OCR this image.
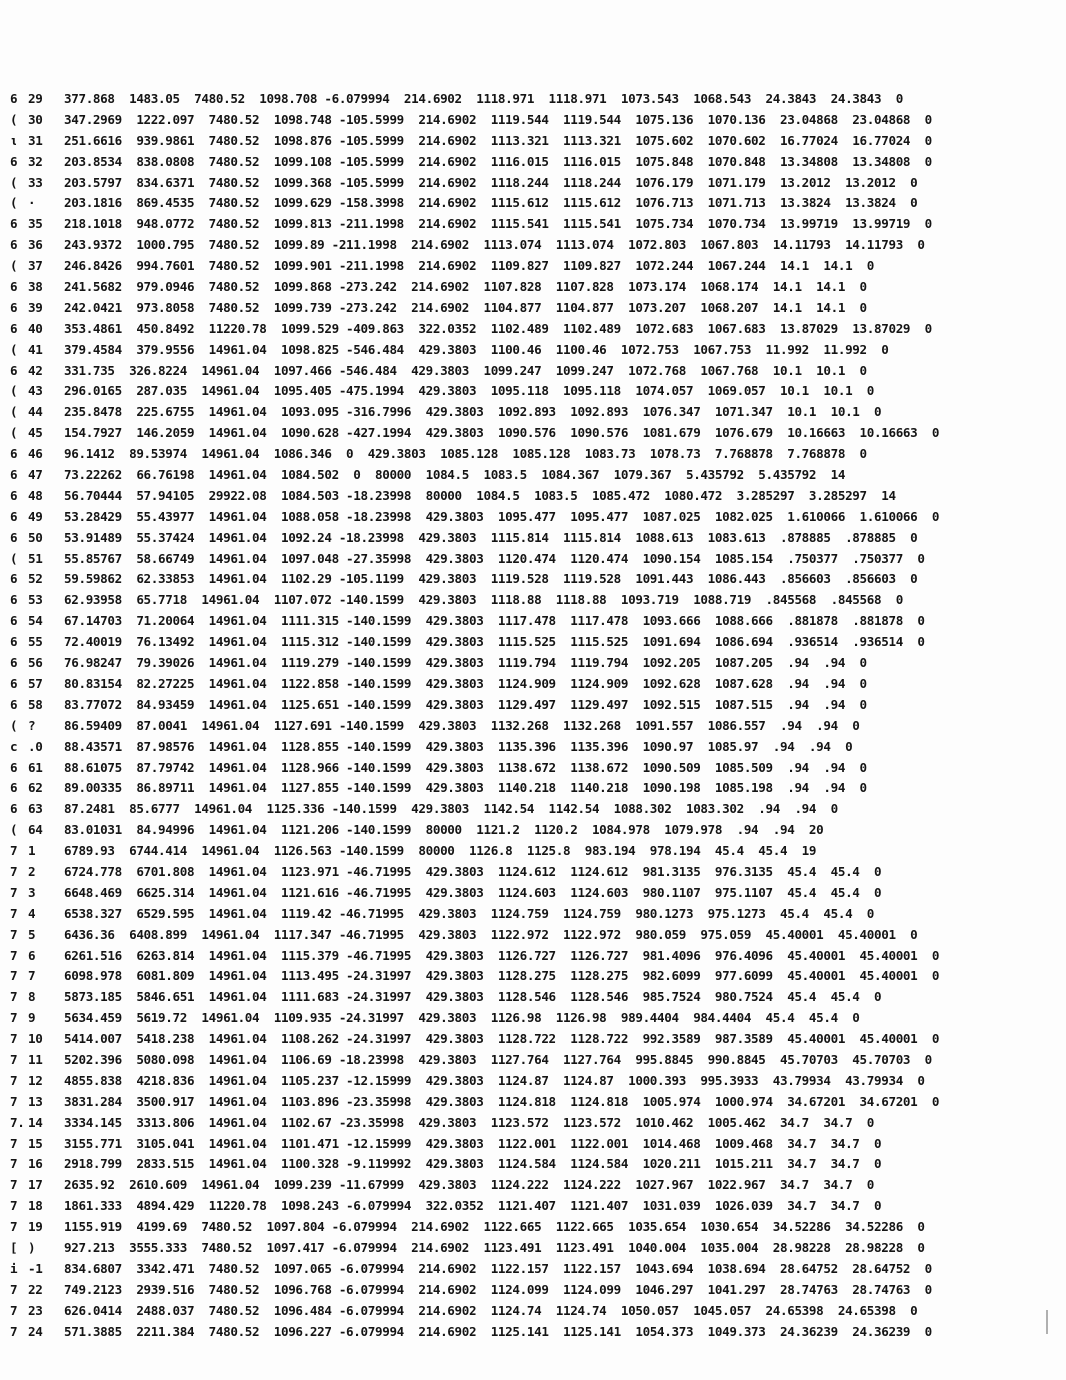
6 29 377.868  1483.05  7480.52  1098.708 -6.079994  214.6902  1118.971  1118.971  1073.543  1068.543  24.3843  24.3843  0
( 30 347.2969  1222.097  7480.52  1098.748 -105.5999  214.6902  1119.544  1119.544  1075.136  1070.136  23.04868  23.04868  0
ι 31 251.6616  939.9861  7480.52  1098.876 -105.5999  214.6902  1113.321  1113.321  1075.602  1070.602  16.77024  16.77024  0
6 32 203.8534  838.0808  7480.52  1099.108 -105.5999  214.6902  1116.015  1116.015  1075.848  1070.848  13.34808  13.34808  0
( 33 203.5797  834.6371  7480.52  1099.368 -105.5999  214.6902  1118.244  1118.244  1076.179  1071.179  13.2012  13.2012  0
( · 203.1816  869.4535  7480.52  1099.629 -158.3998  214.6902  1115.612  1115.612  1076.713  1071.713  13.3824  13.3824  0
6 35 218.1018  948.0772  7480.52  1099.813 -211.1998  214.6902  1115.541  1115.541  1075.734  1070.734  13.99719  13.99719  0
6 36 243.9372  1000.795  7480.52  1099.89 -211.1998  214.6902  1113.074  1113.074  1072.803  1067.803  14.11793  14.11793  0
( 37 246.8426  994.7601  7480.52  1099.901 -211.1998  214.6902  1109.827  1109.827  1072.244  1067.244  14.1  14.1  0
6 38 241.5682  979.0946  7480.52  1099.868 -273.242  214.6902  1107.828  1107.828  1073.174  1068.174  14.1  14.1  0
6 39 242.0421  973.8058  7480.52  1099.739 -273.242  214.6902  1104.877  1104.877  1073.207  1068.207  14.1  14.1  0
6 40 353.4861  450.8492  11220.78  1099.529 -409.863  322.0352  1102.489  1102.489  1072.683  1067.683  13.87029  13.87029  0
( 41 379.4584  379.9556  14961.04  1098.825 -546.484  429.3803  1100.46  1100.46  1072.753  1067.753  11.992  11.992  0
6 42 331.735  326.8224  14961.04  1097.466 -546.484  429.3803  1099.247  1099.247  1072.768  1067.768  10.1  10.1  0
( 43 296.0165  287.035  14961.04  1095.405 -475.1994  429.3803  1095.118  1095.118  1074.057  1069.057  10.1  10.1  0
( 44 235.8478  225.6755  14961.04  1093.095 -316.7996  429.3803  1092.893  1092.893  1076.347  1071.347  10.1  10.1  0
( 45 154.7927  146.2059  14961.04  1090.628 -427.1994  429.3803  1090.576  1090.576  1081.679  1076.679  10.16663  10.16663  0
6 46 96.1412  89.53974  14961.04  1086.346  0  429.3803  1085.128  1085.128  1083.73  1078.73  7.768878  7.768878  0
6 47 73.22262  66.76198  14961.04  1084.502  0  80000  1084.5  1083.5  1084.367  1079.367  5.435792  5.435792  14
6 48 56.70444  57.94105  29922.08  1084.503 -18.23998  80000  1084.5  1083.5  1085.472  1080.472  3.285297  3.285297  14
6 49 53.28429  55.43977  14961.04  1088.058 -18.23998  429.3803  1095.477  1095.477  1087.025  1082.025  1.610066  1.610066  0
6 50 53.91489  55.37424  14961.04  1092.24 -18.23998  429.3803  1115.814  1115.814  1088.613  1083.613  .878885  .878885  0
( 51 55.85767  58.66749  14961.04  1097.048 -27.35998  429.3803  1120.474  1120.474  1090.154  1085.154  .750377  .750377  0
6 52 59.59862  62.33853  14961.04  1102.29 -105.1199  429.3803  1119.528  1119.528  1091.443  1086.443  .856603  .856603  0
6 53 62.93958  65.7718  14961.04  1107.072 -140.1599  429.3803  1118.88  1118.88  1093.719  1088.719  .845568  .845568  0
6 54 67.14703  71.20064  14961.04  1111.315 -140.1599  429.3803  1117.478  1117.478  1093.666  1088.666  .881878  .881878  0
6 55 72.40019  76.13492  14961.04  1115.312 -140.1599  429.3803  1115.525  1115.525  1091.694  1086.694  .936514  .936514  0
6 56 76.98247  79.39026  14961.04  1119.279 -140.1599  429.3803  1119.794  1119.794  1092.205  1087.205  .94  .94  0
6 57 80.83154  82.27225  14961.04  1122.858 -140.1599  429.3803  1124.909  1124.909  1092.628  1087.628  .94  .94  0
6 58 83.77072  84.93459  14961.04  1125.651 -140.1599  429.3803  1129.497  1129.497  1092.515  1087.515  .94  .94  0
( ? 86.59409  87.0041  14961.04  1127.691 -140.1599  429.3803  1132.268  1132.268  1091.557  1086.557  .94  .94  0
c .0 88.43571  87.98576  14961.04  1128.855 -140.1599  429.3803  1135.396  1135.396  1090.97  1085.97  .94  .94  0
6 61 88.61075  87.79742  14961.04  1128.966 -140.1599  429.3803  1138.672  1138.672  1090.509  1085.509  .94  .94  0
6 62 89.00335  86.89711  14961.04  1127.855 -140.1599  429.3803  1140.218  1140.218  1090.198  1085.198  .94  .94  0
6 63 87.2481  85.6777  14961.04  1125.336 -140.1599  429.3803  1142.54  1142.54  1088.302  1083.302  .94  .94  0
( 64 83.01031  84.94996  14961.04  1121.206 -140.1599  80000  1121.2  1120.2  1084.978  1079.978  .94  .94  20
7 1 6789.93  6744.414  14961.04  1126.563 -140.1599  80000  1126.8  1125.8  983.194  978.194  45.4  45.4  19
7 2 6724.778  6701.808  14961.04  1123.971 -46.71995  429.3803  1124.612  1124.612  981.3135  976.3135  45.4  45.4  0
7 3 6648.469  6625.314  14961.04  1121.616 -46.71995  429.3803  1124.603  1124.603  980.1107  975.1107  45.4  45.4  0
7 4 6538.327  6529.595  14961.04  1119.42 -46.71995  429.3803  1124.759  1124.759  980.1273  975.1273  45.4  45.4  0
7 5 6436.36  6408.899  14961.04  1117.347 -46.71995  429.3803  1122.972  1122.972  980.059  975.059  45.40001  45.40001  0
7 6 6261.516  6263.814  14961.04  1115.379 -46.71995  429.3803  1126.727  1126.727  981.4096  976.4096  45.40001  45.40001  0
7 7 6098.978  6081.809  14961.04  1113.495 -24.31997  429.3803  1128.275  1128.275  982.6099  977.6099  45.40001  45.40001  0
7 8 5873.185  5846.651  14961.04  1111.683 -24.31997  429.3803  1128.546  1128.546  985.7524  980.7524  45.4  45.4  0
7 9 5634.459  5619.72  14961.04  1109.935 -24.31997  429.3803  1126.98  1126.98  989.4404  984.4404  45.4  45.4  0
7 10 5414.007  5418.238  14961.04  1108.262 -24.31997  429.3803  1128.722  1128.722  992.3589  987.3589  45.40001  45.40001  0
7 11 5202.396  5080.098  14961.04  1106.69 -18.23998  429.3803  1127.764  1127.764  995.8845  990.8845  45.70703  45.70703  0
7 12 4855.838  4218.836  14961.04  1105.237 -12.15999  429.3803  1124.87  1124.87  1000.393  995.3933  43.79934  43.79934  0
7 13 3831.284  3500.917  14961.04  1103.896 -23.35998  429.3803  1124.818  1124.818  1005.974  1000.974  34.67201  34.67201  0
7. 14 3334.145  3313.806  14961.04  1102.67 -23.35998  429.3803  1123.572  1123.572  1010.462  1005.462  34.7  34.7  0
7 15 3155.771  3105.041  14961.04  1101.471 -12.15999  429.3803  1122.001  1122.001  1014.468  1009.468  34.7  34.7  0
7 16 2918.799  2833.515  14961.04  1100.328 -9.119992  429.3803  1124.584  1124.584  1020.211  1015.211  34.7  34.7  0
7 17 2635.92  2610.609  14961.04  1099.239 -11.67999  429.3803  1124.222  1124.222  1027.967  1022.967  34.7  34.7  0
7 18 1861.333  4894.429  11220.78  1098.243 -6.079994  322.0352  1121.407  1121.407  1031.039  1026.039  34.7  34.7  0
7 19 1155.919  4199.69  7480.52  1097.804 -6.079994  214.6902  1122.665  1122.665  1035.654  1030.654  34.52286  34.52286  0
[ ) 927.213  3555.333  7480.52  1097.417 -6.079994  214.6902  1123.491  1123.491  1040.004  1035.004  28.98228  28.98228  0
i -1 834.6807  3342.471  7480.52  1097.065 -6.079994  214.6902  1122.157  1122.157  1043.694  1038.694  28.64752  28.64752  0
7 22 749.2123  2939.516  7480.52  1096.768 -6.079994  214.6902  1124.099  1124.099  1046.297  1041.297  28.74763  28.74763  0
7 23 626.0414  2488.037  7480.52  1096.484 -6.079994  214.6902  1124.74  1124.74  1050.057  1045.057  24.65398  24.65398  0
7 24 571.3885  2211.384  7480.52  1096.227 -6.079994  214.6902  1125.141  1125.141  1054.373  1049.373  24.36239  24.36239  0
